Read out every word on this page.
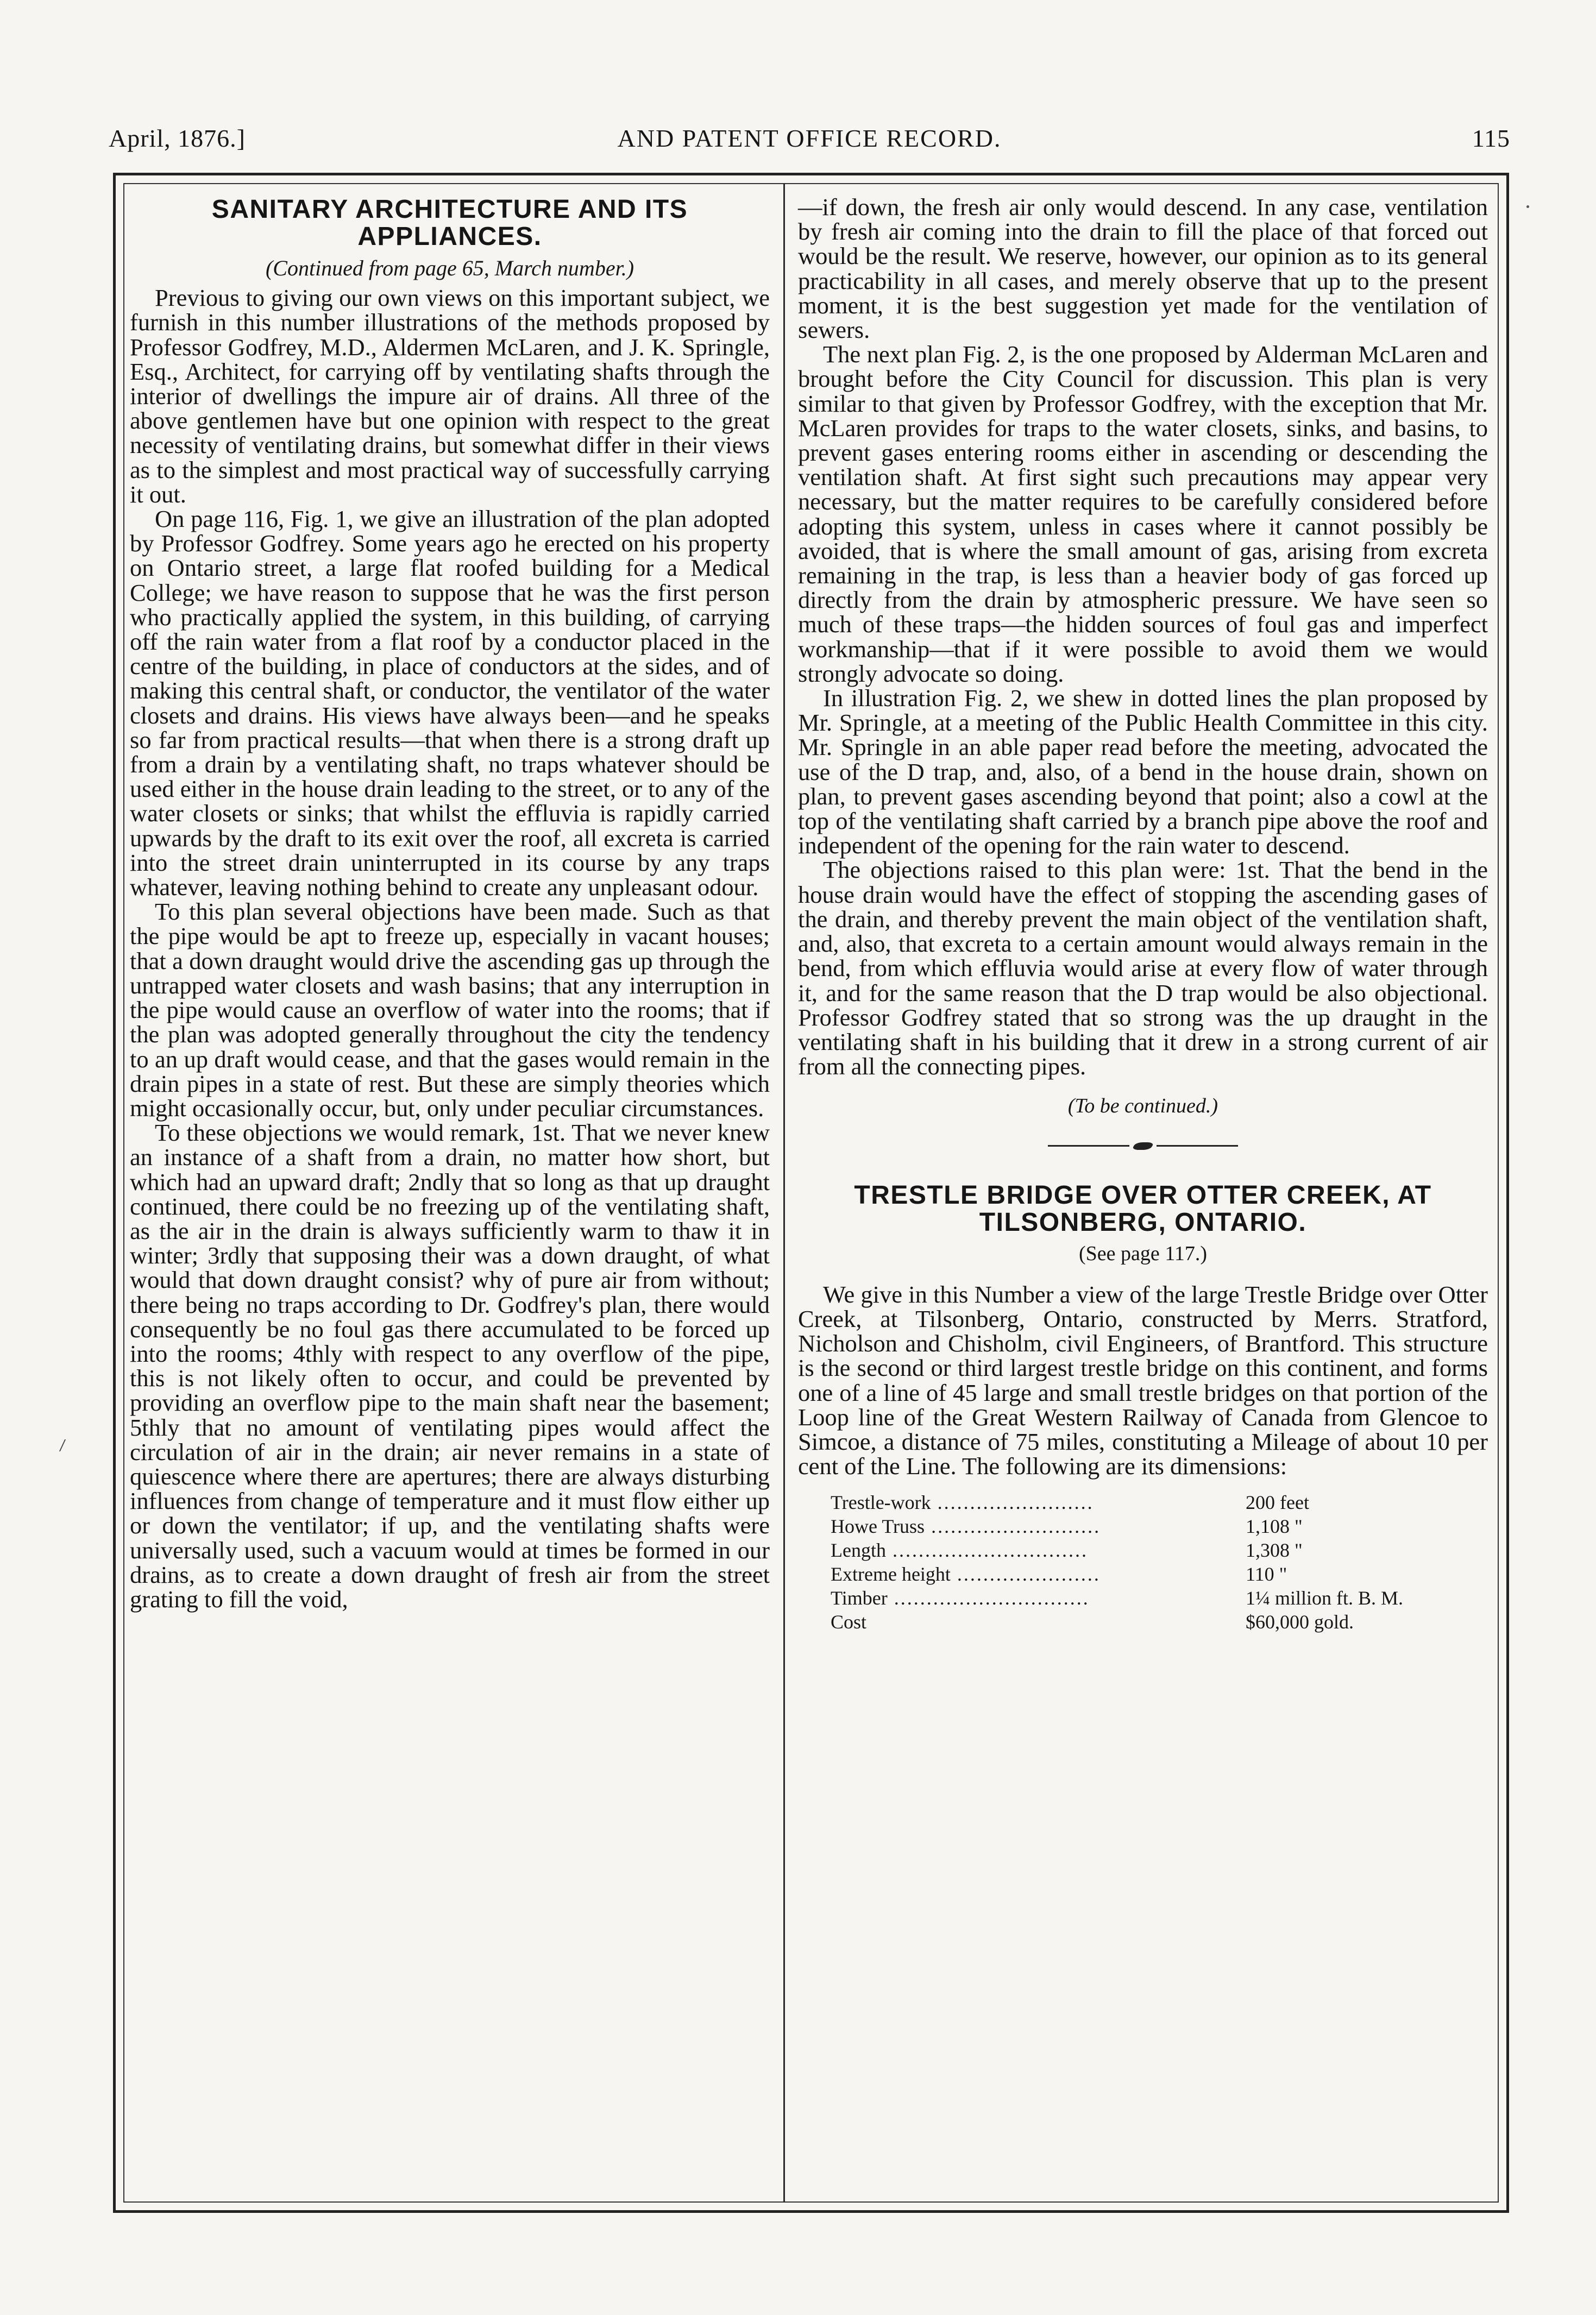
April, 1876.]	AND PATENT OFFICE RECORD.	115
SANITARY ARCHITECTURE AND ITS APPLIANCES.
(Continued from page 65, March number.)

Previous to giving our own views on this important subject, we furnish in this number illustrations of the methods proposed by Professor Godfrey, M.D., Aldermen McLaren, and J. K. Springle, Esq., Architect, for carrying off by ventilating shafts through the interior of dwellings the impure air of drains. All three of the above gentlemen have but one opinion with respect to the great necessity of ventilating drains, but somewhat differ in their views as to the simplest and most practical way of successfully carrying it out.

On page 116, Fig. 1, we give an illustration of the plan adopted by Professor Godfrey. Some years ago he erected on his property on Ontario street, a large flat roofed building for a Medical College; we have reason to suppose that he was the first person who practically applied the system, in this building, of carrying off the rain water from a flat roof by a conductor placed in the centre of the building, in place of conductors at the sides, and of making this central shaft, or conductor, the ventilator of the water closets and drains. His views have always been—and he speaks so far from practical results—that when there is a strong draft up from a drain by a ventilating shaft, no traps whatever should be used either in the house drain leading to the street, or to any of the water closets or sinks; that whilst the effluvia is rapidly carried upwards by the draft to its exit over the roof, all excreta is carried into the street drain uninterrupted in its course by any traps whatever, leaving nothing behind to create any unpleasant odour.

To this plan several objections have been made. Such as that the pipe would be apt to freeze up, especially in vacant houses; that a down draught would drive the ascending gas up through the untrapped water closets and wash basins; that any interruption in the pipe would cause an overflow of water into the rooms; that if the plan was adopted generally throughout the city the tendency to an up draft would cease, and that the gases would remain in the drain pipes in a state of rest. But these are simply theories which might occasionally occur, but, only under peculiar circumstances.

To these objections we would remark, 1st. That we never knew an instance of a shaft from a drain, no matter how short, but which had an upward draft; 2ndly that so long as that up draught continued, there could be no freezing up of the ventilating shaft, as the air in the drain is always sufficiently warm to thaw it in winter; 3rdly that supposing their was a down draught, of what would that down draught consist? why of pure air from without; there being no traps according to Dr. Godfrey's plan, there would consequently be no foul gas there accumulated to be forced up into the rooms; 4thly with respect to any overflow of the pipe, this is not likely often to occur, and could be prevented by providing an overflow pipe to the main shaft near the basement; 5thly that no amount of ventilating pipes would affect the circulation of air in the drain; air never remains in a state of quiescence where there are apertures; there are always disturbing influences from change of temperature and it must flow either up or down the ventilator; if up, and the ventilating shafts were universally used, such a vacuum would at times be formed in our drains, as to create a down draught of fresh air from the street grating to fill the void,

—if down, the fresh air only would descend. In any case, ventilation by fresh air coming into the drain to fill the place of that forced out would be the result. We reserve, however, our opinion as to its general practicability in all cases, and merely observe that up to the present moment, it is the best suggestion yet made for the ventilation of sewers.

The next plan Fig. 2, is the one proposed by Alderman McLaren and brought before the City Council for discussion. This plan is very similar to that given by Professor Godfrey, with the exception that Mr. McLaren provides for traps to the water closets, sinks, and basins, to prevent gases entering rooms either in ascending or descending the ventilation shaft. At first sight such precautions may appear very necessary, but the matter requires to be carefully considered before adopting this system, unless in cases where it cannot possibly be avoided, that is where the small amount of gas, arising from excreta remaining in the trap, is less than a heavier body of gas forced up directly from the drain by atmospheric pressure. We have seen so much of these traps—the hidden sources of foul gas and imperfect workmanship—that if it were possible to avoid them we would strongly advocate so doing.

In illustration Fig. 2, we shew in dotted lines the plan proposed by Mr. Springle, at a meeting of the Public Health Committee in this city. Mr. Springle in an able paper read before the meeting, advocated the use of the D trap, and, also, of a bend in the house drain, shown on plan, to prevent gases ascending beyond that point; also a cowl at the top of the ventilating shaft carried by a branch pipe above the roof and independent of the opening for the rain water to descend.

The objections raised to this plan were: 1st. That the bend in the house drain would have the effect of stopping the ascending gases of the drain, and thereby prevent the main object of the ventilation shaft, and, also, that excreta to a certain amount would always remain in the bend, from which effluvia would arise at every flow of water through it, and for the same reason that the D trap would be also objectional. Professor Godfrey stated that so strong was the up draught in the ventilating shaft in his building that it drew in a strong current of air from all the connecting pipes.

(To be continued.)
TRESTLE BRIDGE OVER OTTER CREEK, AT TILSONBERG, ONTARIO.
(See page 117.)

We give in this Number a view of the large Trestle Bridge over Otter Creek, at Tilsonberg, Ontario, constructed by Merrs. Stratford, Nicholson and Chisholm, civil Engineers, of Brantford. This structure is the second or third largest trestle bridge on this continent, and forms one of a line of 45 large and small trestle bridges on that portion of the Loop line of the Great Western Railway of Canada from Glencoe to Simcoe, a distance of 75 miles, constituting a Mileage of about 10 per cent of the Line. The following are its dimensions:

Trestle-work ........................	200 feet
Howe Truss ..........................	1,108 "
Length ..............................	1,308 "
Extreme height ......................	110 "
Timber ..............................	1¼ million ft. B. M.
Cost	$60,000 gold.
